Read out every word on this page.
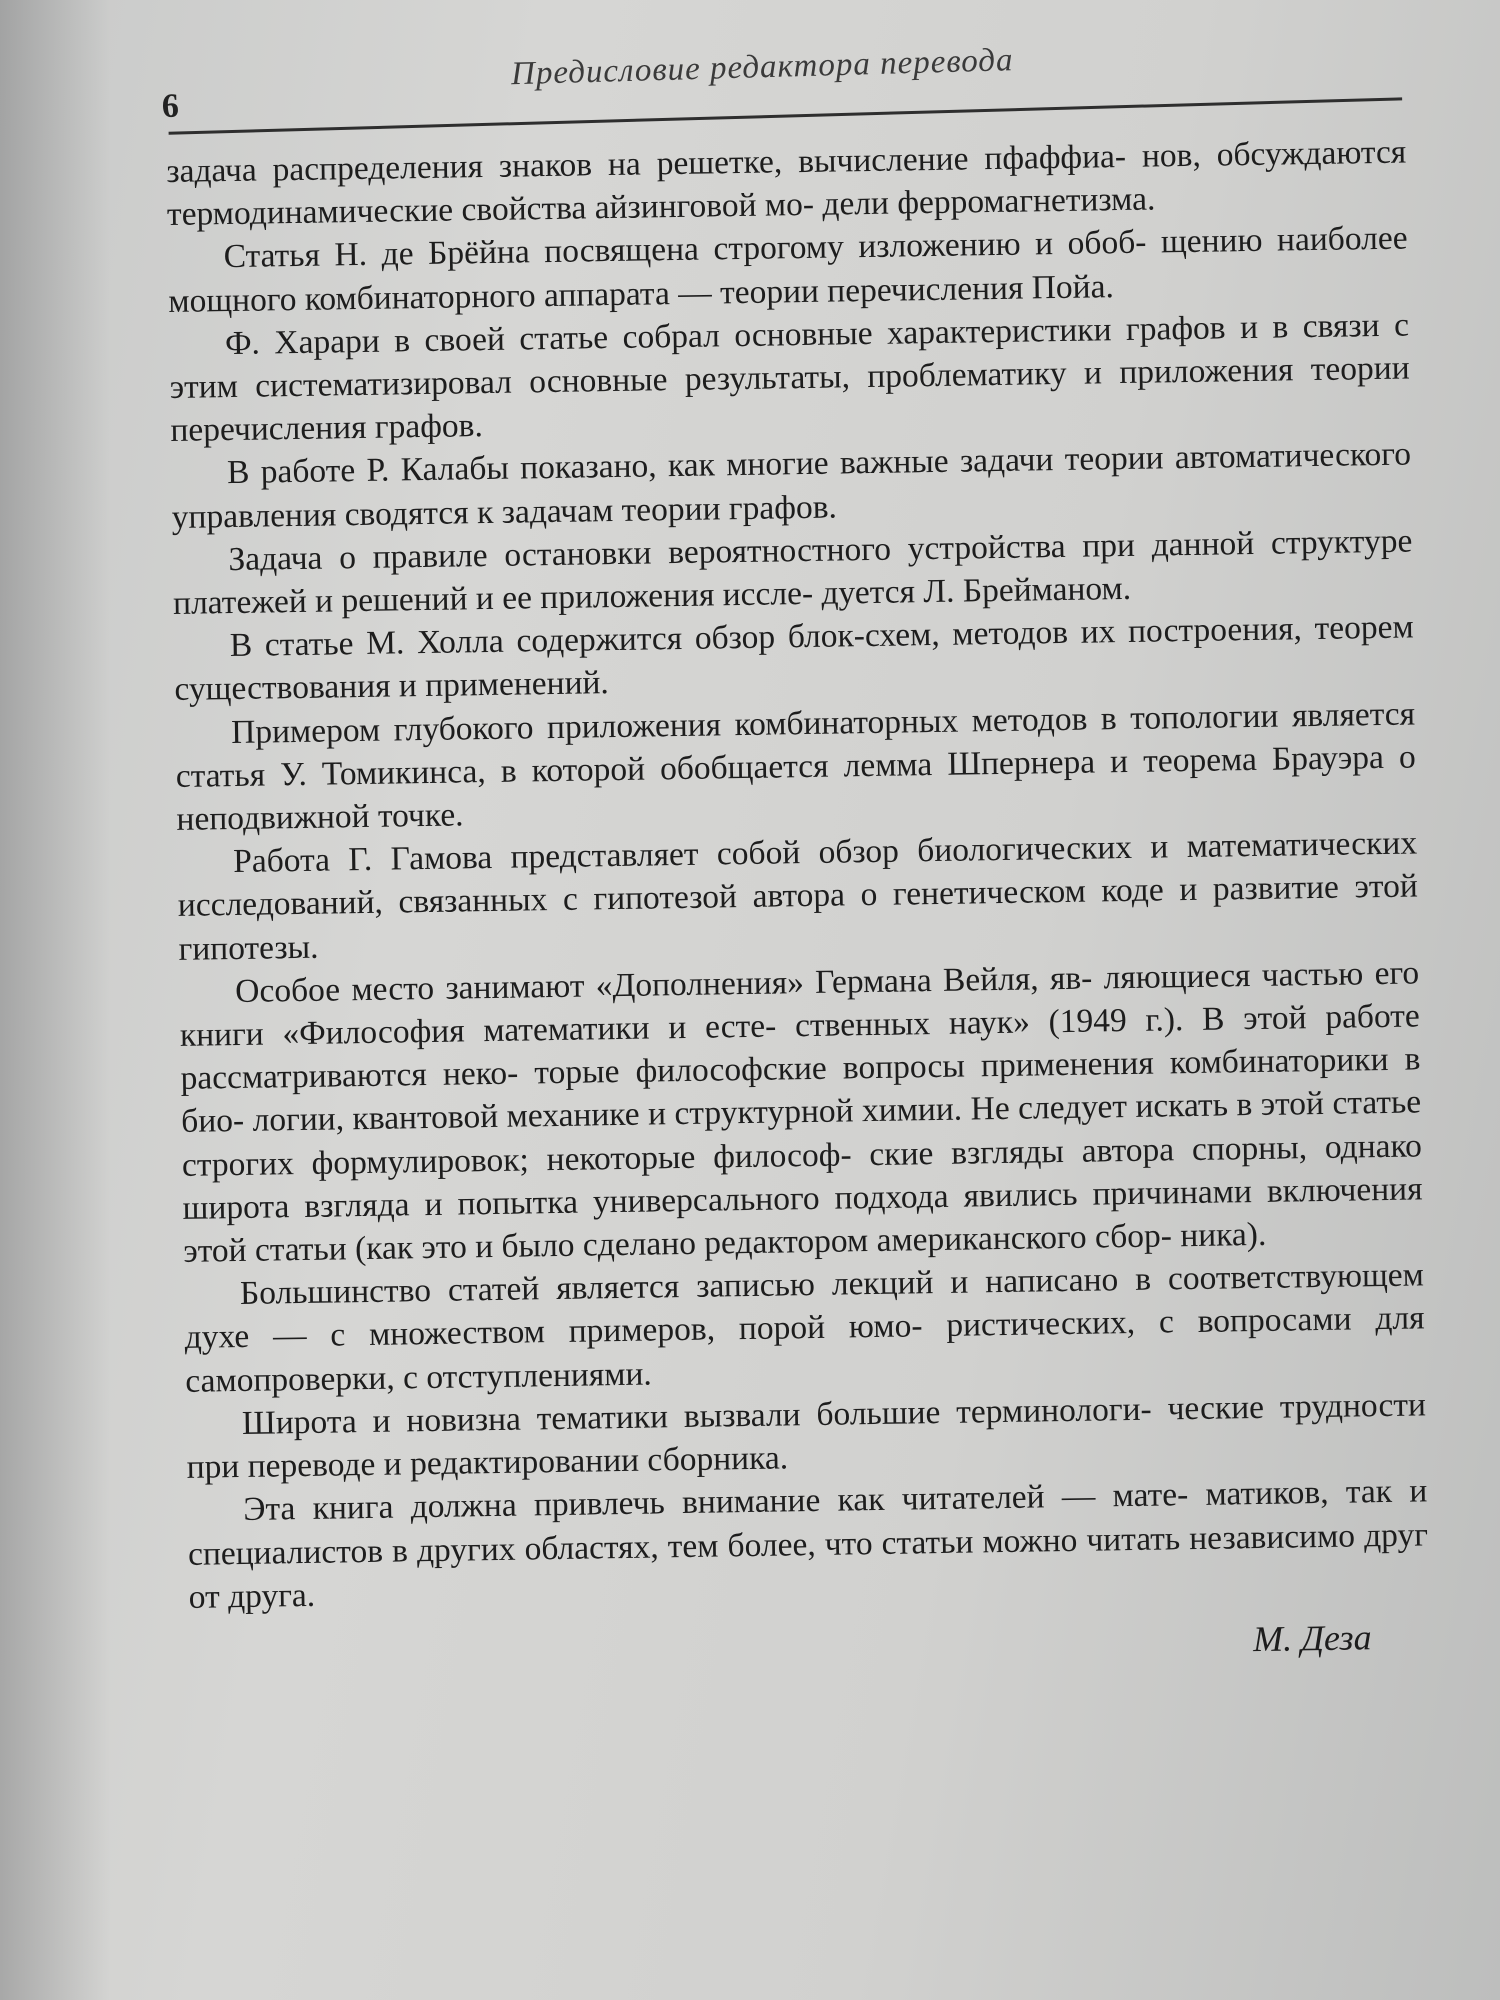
6
Предисловие редактора перевода

задача распределения знаков на решетке, вычисление пфаффиа- нов, обсуждаются термодинамические свойства айзинговой мо- дели ферромагнетизма.

Статья Н. де Брёйна посвящена строгому изложению и обоб- щению наиболее мощного комбинаторного аппарата — теории перечисления Пойа.

Ф. Харари в своей статье собрал основные характеристики графов и в связи с этим систематизировал основные результаты, проблематику и приложения теории перечисления графов.

В работе Р. Калабы показано, как многие важные задачи теории автоматического управления сводятся к задачам теории графов.

Задача о правиле остановки вероятностного устройства при данной структуре платежей и решений и ее приложения иссле- дуется Л. Брейманом.

В статье М. Холла содержится обзор блок-схем, методов их построения, теорем существования и применений.

Примером глубокого приложения комбинаторных методов в топологии является статья У. Томикинса, в которой обобщается лемма Шпернера и теорема Брауэра о неподвижной точке.

Работа Г. Гамова представляет собой обзор биологических и математических исследований, связанных с гипотезой автора о генетическом коде и развитие этой гипотезы.

Особое место занимают «Дополнения» Германа Вейля, яв- ляющиеся частью его книги «Философия математики и есте- ственных наук» (1949 г.). В этой работе рассматриваются неко- торые философские вопросы применения комбинаторики в био- логии, квантовой механике и структурной химии. Не следует искать в этой статье строгих формулировок; некоторые философ- ские взгляды автора спорны, однако широта взгляда и попытка универсального подхода явились причинами включения этой статьи (как это и было сделано редактором американского сбор- ника).

Большинство статей является записью лекций и написано в соответствующем духе — с множеством примеров, порой юмо- ристических, с вопросами для самопроверки, с отступлениями.

Широта и новизна тематики вызвали большие терминологи- ческие трудности при переводе и редактировании сборника.

Эта книга должна привлечь внимание как читателей — мате- матиков, так и специалистов в других областях, тем более, что статьи можно читать независимо друг от друга.

М. Деза
